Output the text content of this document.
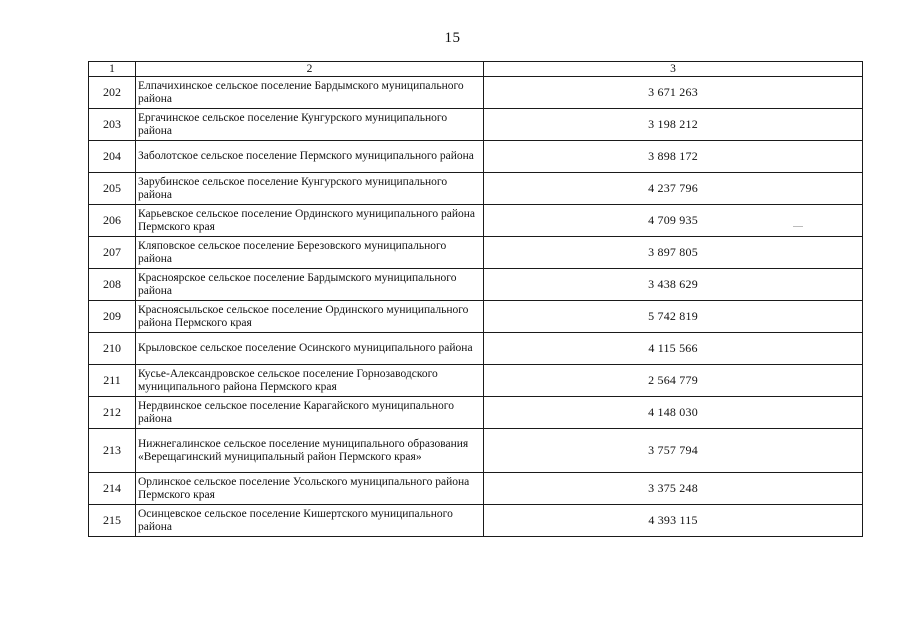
15
1	2	3
202	Елпачихинское сельское поселение Бардымского муниципального района	3 671 263
203	Ергачинское сельское поселение Кунгурского муниципального района	3 198 212
204	Заболотское сельское поселение Пермского муниципального района	3 898 172
205	Зарубинское сельское поселение Кунгурского муниципального района	4 237 796
206	Карьевское сельское поселение Ординского муниципального района Пермского края	4 709 935
207	Кляповское сельское поселение Березовского муниципального района	3 897 805
208	Красноярское сельское поселение Бардымского муниципального района	3 438 629
209	Красноясыльское сельское поселение Ординского муниципального района Пермского края	5 742 819
210	Крыловское сельское поселение Осинского муниципального района	4 115 566
211	Кусье-Александровское сельское поселение Горнозаводского муниципального района Пермского края	2 564 779
212	Нердвинское сельское поселение Карагайского муниципального района	4 148 030
213	Нижнегалинское сельское поселение муниципального образования «Верещагинский муниципальный район Пермского края»	3 757 794
214	Орлинское сельское поселение Усольского муниципального района Пермского края	3 375 248
215	Осинцевское сельское поселение Кишертского муниципального района	4 393 115
